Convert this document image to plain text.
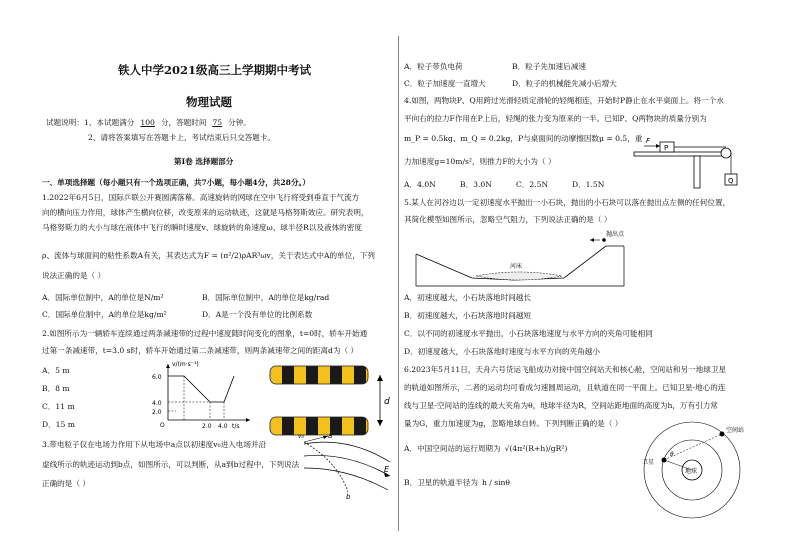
铁人中学2021级高三上学期期中考试
物理试题
试题说明：1、本试题满分 100 分，答题时间 75 分钟。
2、请将答案填写在答题卡上，考试结束后只交答题卡。
第Ⅰ卷 选择题部分
一、单项选择题（每小题只有一个选项正确，共7小题，每小题4分，共28分。）
1.2022年6月5日，国际乒联公开赛圆满落幕。高速旋转的网球在空中飞行将受到垂直于气流方
向的横向压力作用，球体产生横向位移，改变原来的运动轨迹，这就是马格努斯效应。研究表明，
马格努斯力的大小与球在液体中飞行的瞬时速度v、球旋转的角速度ω、球半径R以及液体的密度
ρ、流体与球面间的粘性系数A有关，其表达式为F = (π²/2)ρAR³ωv，关于表达式中A的单位，下列
说法正确的是（ ）
A．国际单位制中，A的单位是N/m²	B．国际单位制中，A的单位是kg/rad
C．国际单位制中，A的单位是kg/m²	D．A是一个没有单位的比例系数
2.如图所示为一辆轿车连续通过两条减速带的过程中速度随时间变化的图象，t=0时，轿车开始通
过第一条减速带，t=3.0 s时，轿车开始通过第二条减速带，则两条减速带之间的距离d为（ ）
A．5 m
B．8 m
C．11 m
D．15 m
v/(m·s⁻¹)
6.0
4.0
2.0
O	2.0 4.0 t/s
d
3.带电粒子仅在电场力作用下从电场中a点以初速度v₀进入电场并沿
虚线所示的轨迹运动到b点，如图所示，可以判断，从a到b过程中，下列说法
正确的是（ ）
v₀	a
b
E
A．粒子带负电荷	B．粒子先加速后减速
C．粒子加速度一直增大	D．粒子的机械能先减小后增大
4.如图，两物块P、Q用跨过光滑轻质定滑轮的轻绳相连，开始时P静止在水平桌面上。将一个水
平向右的拉力F作用在P上后，轻绳的张力变为原来的一半。已知P、Q两物块的质量分别为
m_P = 0.5kg、m_Q = 0.2kg，P与桌面间的动摩擦因数μ = 0.5，重
力加速度g=10m/s²，则推力F的大小为（ ）
A．4.0N	B．3.0N	C．2.5N	D．1.5N
F
P
Q
5.某人在河谷边以一定初速度水平抛出一小石块，抛出的小石块可以落在抛出点左侧的任何位置，
其简化模型如图所示，忽略空气阻力，下列说法正确的是（ ）
抛出点
河床
A．初速度越大，小石块落地时间越长
B．初速度越大，小石块落地时间越短
C．以不同的初速度水平抛出，小石块落地速度与水平方向的夹角可能相同
D．初速度越大，小石块落地时速度与水平方向的夹角越小
6.2023年5月11日，天舟六号货运飞船成功对接中国空间站天和核心舱，空间站和另一地球卫星
的轨道如图所示，二者的运动均可看成匀速圆周运动，且轨道在同一平面上。已知卫星-地心的连
线与卫星-空间站的连线的最大夹角为θ，地球半径为R，空间站距地面的高度为h，万有引力常
量为G，重力加速度为g，忽略地球自转。下列判断正确的是（ ）
A．中国空间站的运行周期为 √(4π²(R+h)/gR²)
B．卫星的轨道半径为 h / sinθ
空间站
卫星
地球
θ
